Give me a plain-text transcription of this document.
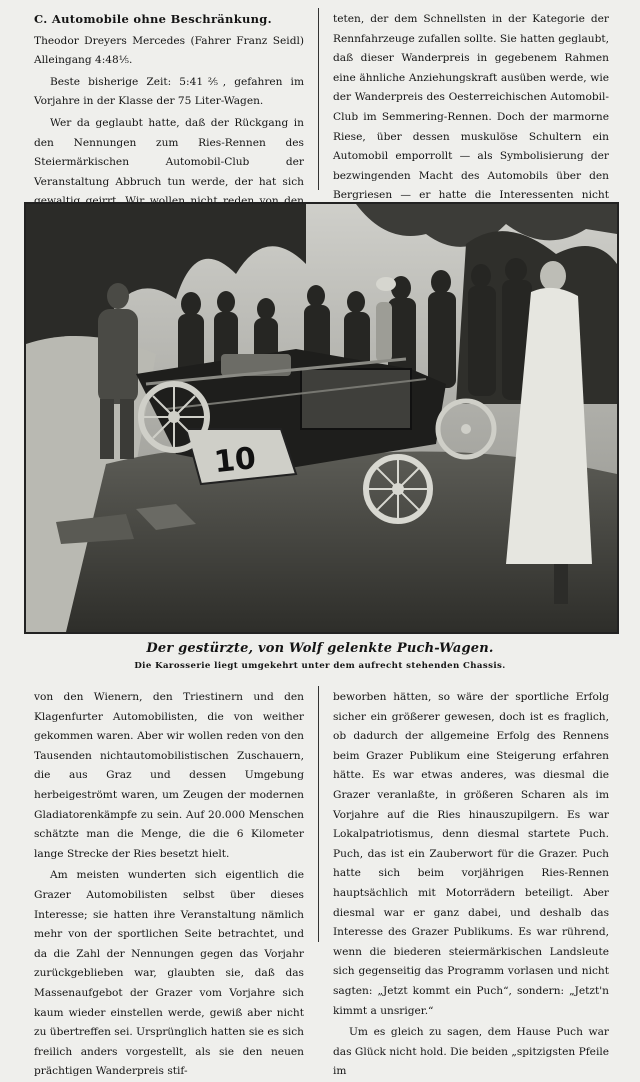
C. Automobile ohne Beschränkung.

Theodor Dreyers Mercedes (Fahrer Franz Seidl) Alleingang 4:48⅕.

Beste bisherige Zeit: 5:41⅖, gefahren im Vorjahre in der Klasse der 75 Liter-Wagen.

Wer da geglaubt hatte, daß der Rückgang in den Nennungen zum Ries-Rennen des Steiermärkischen Automobil-Club der Veranstaltung Abbruch tun werde, der hat sich

teten, der dem Schnellsten in der Kategorie der Rennfahrzeuge zufallen sollte. Sie hatten geglaubt, daß dieser Wanderpreis in gegebenem Rahmen eine ähnliche Anziehungskraft ausüben werde, wie der Wanderpreis des Oesterreichischen Automobil-Club im Semmering-Rennen. Doch der marmorne Riese, über dessen muskulöse Schultern ein Automobil emporrollt — als Symbolisierung der bezwingenden Macht des Automobils über den Bergriesen — er hatte die Interessenten nicht

10

Der gestürzte, von Wolf gelenkte Puch-Wagen.

Die Karosserie liegt umgekehrt unter dem aufrecht stehenden Chassis.

von den Wienern, den Triestinern und den Klagenfurter Automobilisten, die von weither gekommen waren. Aber wir wollen reden von den Tausenden nichtautomobilistischen Zuschauern, die aus Graz und dessen Umgebung herbeigeströmt waren, um Zeugen der modernen Gladiatorenkämpfe zu sein. Auf 20.000 Menschen schätzte man die Menge, die die 6 Kilometer lange Strecke der Ries besetzt hielt.

Am meisten wunderten sich eigentlich die Grazer Automobilisten selbst über dieses Interesse; sie hatten ihre Veranstaltung nämlich mehr von der sportlichen Seite betrachtet, und da die Zahl der Nennungen gegen das Vorjahr zurückgeblieben war, glaubten sie, daß das Massenaufgebot der Grazer vom Vorjahre sich kaum wieder einstellen werde, gewiß aber nicht zu übertreffen sei. Ursprünglich hatten sie es sich freilich anders vorgestellt, als sie den neuen prächtigen Wanderpreis stif-

beworben hätten, so wäre der sportliche Erfolg sicher ein größerer gewesen, doch ist es fraglich, ob dadurch der allgemeine Erfolg des Rennens beim Grazer Publikum eine Steigerung erfahren hätte. Es war etwas anderes, was diesmal die Grazer veranlaßte, in größeren Scharen als im Vorjahre auf die Ries hinauszupilgern. Es war Lokalpatriotismus, denn diesmal startete Puch. Puch, das ist ein Zauberwort für die Grazer. Puch hatte sich beim vorjährigen Ries-Rennen hauptsächlich mit Motorrädern beteiligt. Aber diesmal war er ganz dabei, und deshalb das Interesse des Grazer Publikums. Es war rührend, wenn die biederen steiermärkischen Landsleute sich gegenseitig das Programm vorlasen und nicht sagten: „Jetzt kommt ein Puch“, sondern: „Jetzt'n kimmt a unsriger.“

Um es gleich zu sagen, dem Hause Puch war das Glück nicht hold. Die beiden „spitzigsten Pfeile im
